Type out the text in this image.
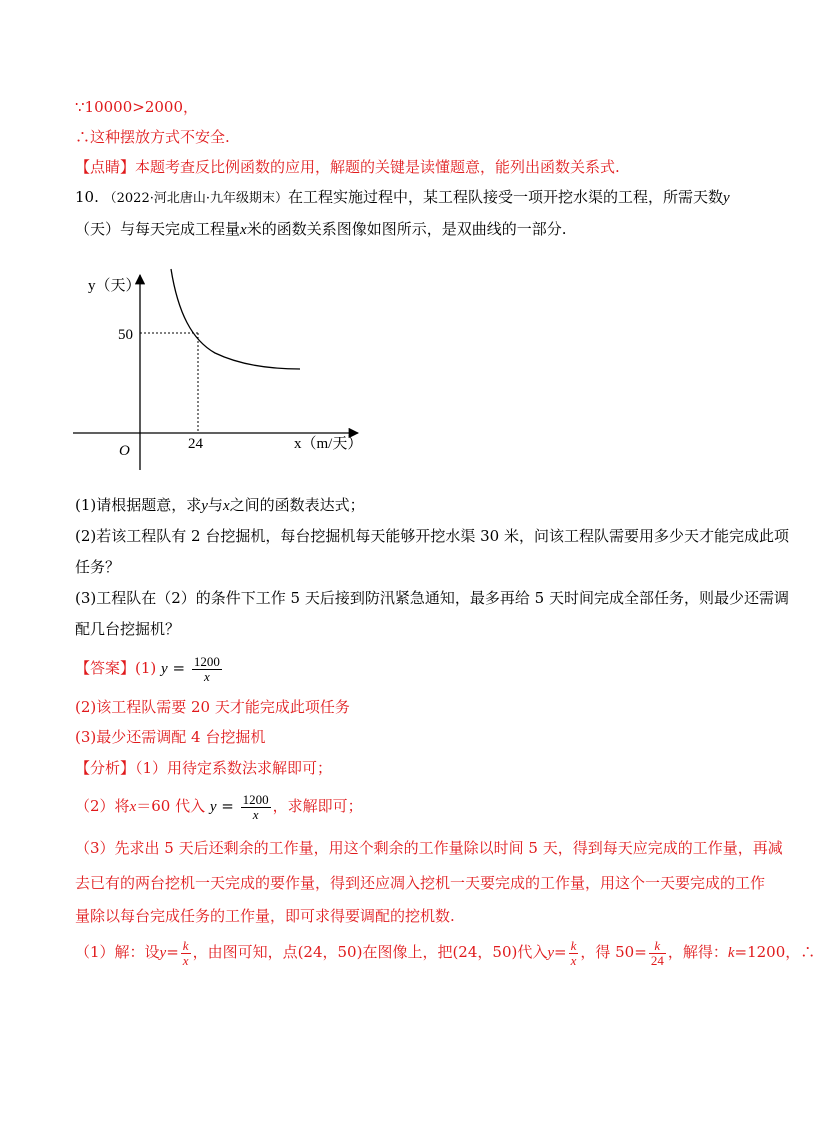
∵10000>2000，
∴这种摆放方式不安全.
【点睛】本题考查反比例函数的应用，解题的关键是读懂题意，能列出函数关系式.
10. （2022·河北唐山·九年级期末）在工程实施过程中，某工程队接受一项开挖水渠的工程，所需天数y
（天）与每天完成工程量x米的函数关系图像如图所示，是双曲线的一部分.
y（天）
x（m/天）
O
50
24
(1)请根据题意，求y与x之间的函数表达式；
(2)若该工程队有 2 台挖掘机，每台挖掘机每天能够开挖水渠 30 米，问该工程队需要用多少天才能完成此项
任务？
(3)工程队在（2）的条件下工作 5 天后接到防汛紧急通知，最多再给 5 天时间完成全部任务，则最少还需调
配几台挖掘机？
【答案】(1) $y = \frac{1200}{x}$
(2)该工程队需要 20 天才能完成此项任务
(3)最少还需调配 4 台挖掘机
【分析】（1）用待定系数法求解即可；
（2）将x＝60 代入 $y = \frac{1200}{x}$ ，求解即可；
（3）先求出 5 天后还剩余的工作量，用这个剩余的工作量除以时间 5 天，得到每天应完成的工作量，再减
去已有的两台挖机一天完成的要作量，得到还应凋入挖机一天要完成的工作量，用这个一天要完成的工作
量除以每台完成任务的工作量，即可求得要调配的挖机数.
（1）解：设$y= \frac{k}{x}$ ，由图可知，点(24，50)在图像上，把(24，50)代入$y= \frac{k}{x}$ ，得 $50= \frac{k}{24}$ ，解得：k=1200，∴
